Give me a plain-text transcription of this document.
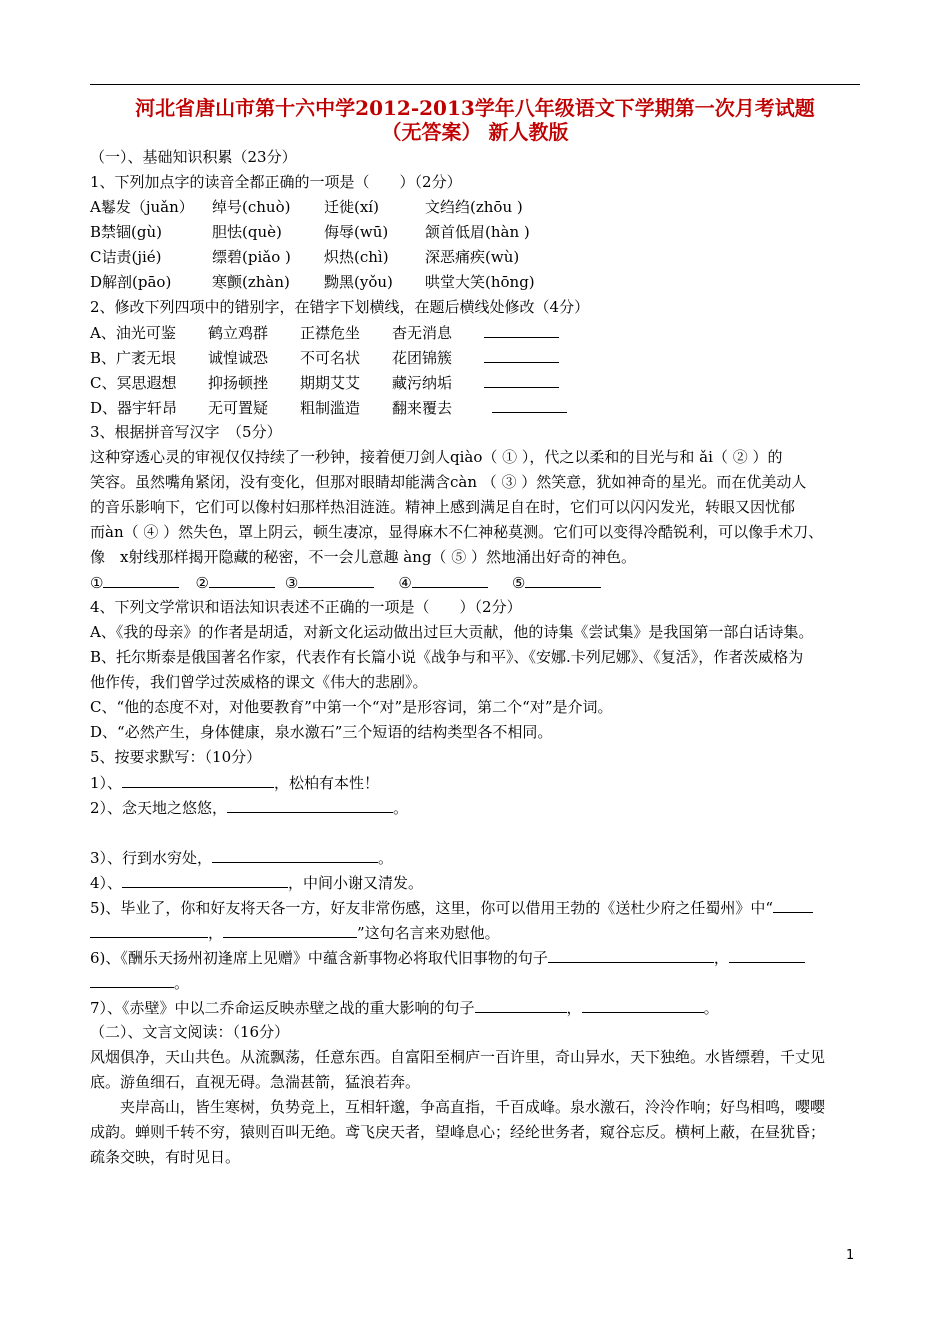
河北省唐山市第十六中学2012-2013学年八年级语文下学期第一次月考试题
（无答案） 新人教版
（一）、基础知识积累（23分）
1、下列加点字的读音全都正确的一项是（　　）（2分）
A鬈发（juǎn） 绰号(chuò) 迁徙(xí)	文绉绉(zhōu )
B禁锢(gù)	胆怯(què)	侮辱(wū) 颔首低眉(hàn )
C诘责(jié)	缥碧(piǎo ) 炽热(chì) 深恶痛疾(wù)
D解剖(pāo)	寒颤(zhàn) 黝黑(yǒu) 哄堂大笑(hōng)
2、修改下列四项中的错别字，在错字下划横线，在题后横线处修改（4分）
A、油光可鉴 鹤立鸡群 正襟危坐 杳无消息
B、广袤无垠 诚惶诚恐 不可名状 花团锦簇
C、冥思遐想 抑扬顿挫 期期艾艾 藏污纳垢
D、器宇轩昂 无可置疑 粗制滥造 翻来覆去
3、根据拼音写汉字　（5分）
这种穿透心灵的审视仅仅持续了一秒钟，接着便刀剑人qiào（ ① ），代之以柔和的目光与和 ǎi（ ② ）的
笑容。虽然嘴角紧闭，没有变化，但那对眼睛却能满含càn （ ③ ）然笑意，犹如神奇的星光。而在优美动人
的音乐影响下，它们可以像村妇那样热泪涟涟。精神上感到满足自在时，它们可以闪闪发光，转眼又因忧郁
而àn（ ④ ）然失色，罩上阴云，顿生凄凉，显得麻木不仁神秘莫测。它们可以变得冷酷锐利，可以像手术刀、
像　x射线那样揭开隐藏的秘密，不一会儿意趣 àng（ ⑤ ）然地涌出好奇的神色。
①	②	③	④	⑤
4、下列文学常识和语法知识表述不正确的一项是（　　）（2分）
A、《我的母亲》的作者是胡适，对新文化运动做出过巨大贡献，他的诗集《尝试集》是我国第一部白话诗集。
B、托尔斯泰是俄国著名作家，代表作有长篇小说《战争与和平》、《安娜.卡列尼娜》、《复活》，作者茨威格为
他作传，我们曾学过茨威格的课文《伟大的悲剧》。
C、“他的态度不对，对他要教育”中第一个“对”是形容词，第二个“对”是介词。
D、“必然产生，身体健康，泉水激石”三个短语的结构类型各不相同。
5、按要求默写：（10分）
1）、	，松柏有本性！
2）、念天地之悠悠，	。
3）、行到水穷处，	。
4）、	，中间小谢又清发。
5)、毕业了，你和好友将天各一方，好友非常伤感，这里，你可以借用王勃的《送杜少府之任蜀州》中“
，	”这句名言来劝慰他。
6)、《酬乐天扬州初逢席上见赠》中蕴含新事物必将取代旧事物的句子	，
。
7）、《赤壁》中以二乔命运反映赤壁之战的重大影响的句子	，	。
（二）、文言文阅读：（16分）
风烟俱净，天山共色。从流飘荡，任意东西。自富阳至桐庐一百许里，奇山异水，天下独绝。水皆缥碧，千丈见
底。游鱼细石，直视无碍。急湍甚箭，猛浪若奔。
　　夹岸高山，皆生寒树，负势竞上，互相轩邈，争高直指，千百成峰。泉水激石，泠泠作响；好鸟相鸣，嘤嘤
成韵。蝉则千转不穷，猿则百叫无绝。鸢飞戾天者，望峰息心；经纶世务者，窥谷忘反。横柯上蔽，在昼犹昏；
疏条交映，有时见日。
1
